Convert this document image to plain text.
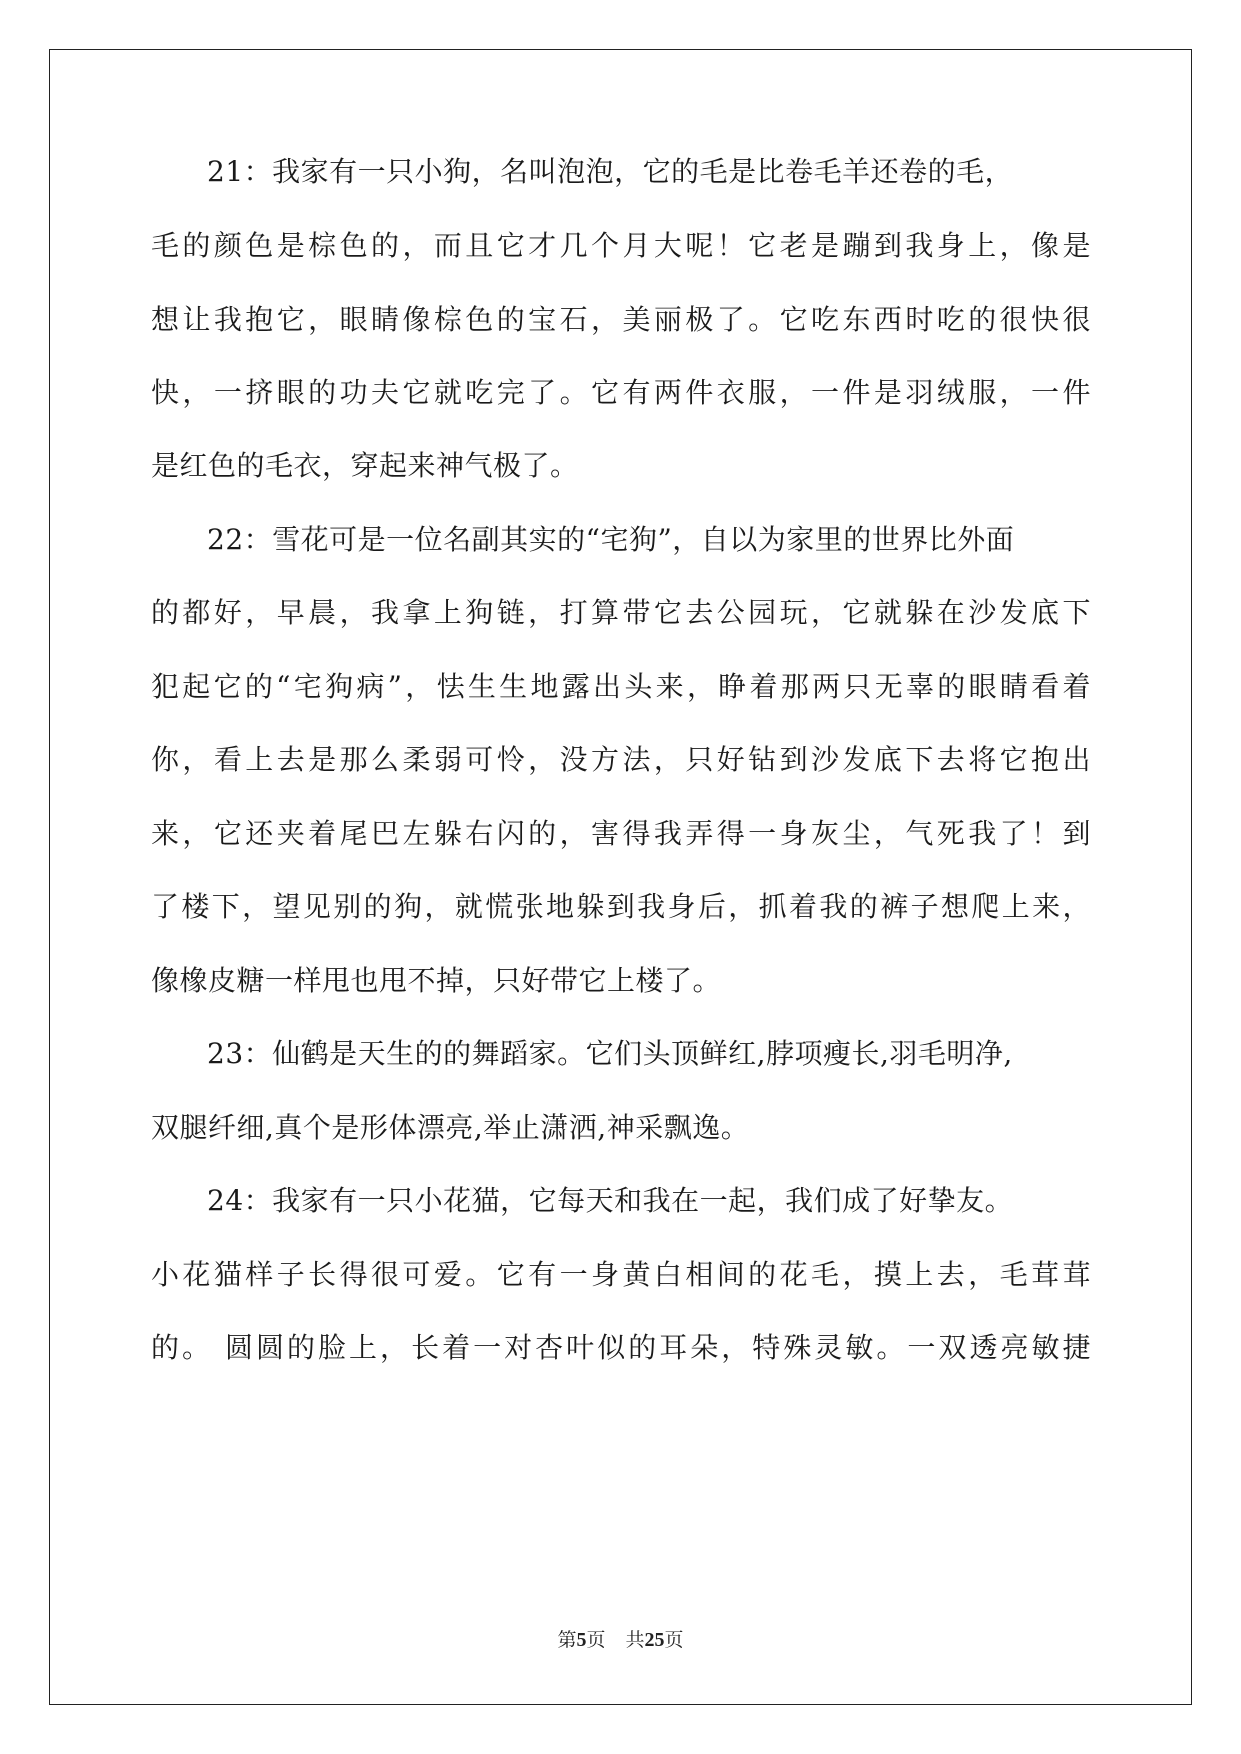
21：我家有一只小狗，名叫泡泡，它的毛是比卷毛羊还卷的毛，
毛的颜色是棕色的，而且它才几个月大呢！它老是蹦到我身上，像是
想让我抱它，眼睛像棕色的宝石，美丽极了。它吃东西时吃的很快很
快，一挤眼的功夫它就吃完了。它有两件衣服，一件是羽绒服，一件
是红色的毛衣，穿起来神气极了。
22：雪花可是一位名副其实的“宅狗”，自以为家里的世界比外面
的都好，早晨，我拿上狗链，打算带它去公园玩，它就躲在沙发底下
犯起它的“宅狗病”，怯生生地露出头来，睁着那两只无辜的眼睛看着
你，看上去是那么柔弱可怜，没方法，只好钻到沙发底下去将它抱出
来，它还夹着尾巴左躲右闪的，害得我弄得一身灰尘，气死我了！到
了楼下，望见别的狗，就慌张地躲到我身后，抓着我的裤子想爬上来，
像橡皮糖一样甩也甩不掉，只好带它上楼了。
23：仙鹤是天生的的舞蹈家。它们头顶鲜红,脖项瘦长,羽毛明净,
双腿纤细,真个是形体漂亮,举止潇洒,神采飘逸。
24：我家有一只小花猫，它每天和我在一起，我们成了好挚友。
小花猫样子长得很可爱。它有一身黄白相间的花毛，摸上去，毛茸茸
的。 圆圆的脸上，长着一对杏叶似的耳朵，特殊灵敏。一双透亮敏捷
第5页 共25页
